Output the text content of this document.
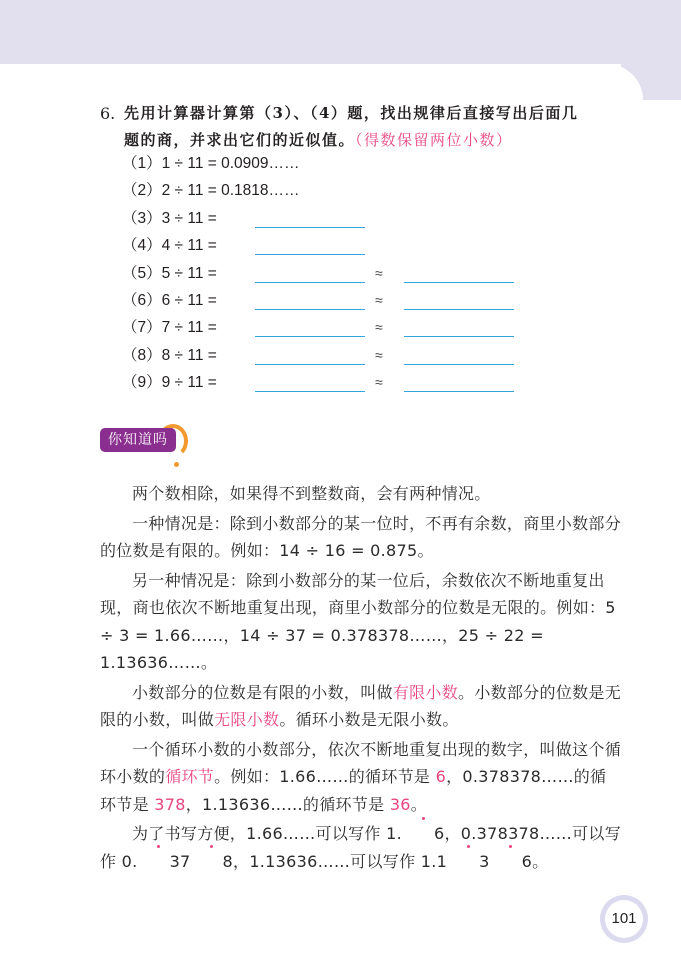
6. 先用计算器计算第（3）、（4）题，找出规律后直接写出后面几
题的商，并求出它们的近似值。（得数保留两位小数）
（1）1 ÷ 11 = 0.0909……
（2）2 ÷ 11 = 0.1818……
（3）3 ÷ 11 =
（4）4 ÷ 11 =
（5）5 ÷ 11 =	≈
（6）6 ÷ 11 =	≈
（7）7 ÷ 11 =	≈
（8）8 ÷ 11 =	≈
（9）9 ÷ 11 =	≈
你知道吗

两个数相除，如果得不到整数商，会有两种情况。

一种情况是：除到小数部分的某一位时，不再有余数，商里小数部分的位数是有限的。例如：14 ÷ 16 = 0.875。

另一种情况是：除到小数部分的某一位后，余数依次不断地重复出现，商也依次不断地重复出现，商里小数部分的位数是无限的。例如：5 ÷ 3 = 1.66……，14 ÷ 37 = 0.378378……，25 ÷ 22 = 1.13636……。

小数部分的位数是有限的小数，叫做有限小数。小数部分的位数是无限的小数，叫做无限小数。循环小数是无限小数。

一个循环小数的小数部分，依次不断地重复出现的数字，叫做这个循环小数的循环节。例如：1.66……的循环节是 6，0.378378……的循环节是 378，1.13636……的循环节是 36。

为了书写方便，1.66……可以写作 1. 6，0.378378……可以写作 0. 37 8，1.13636……可以写作 1.1 3 6。

101
